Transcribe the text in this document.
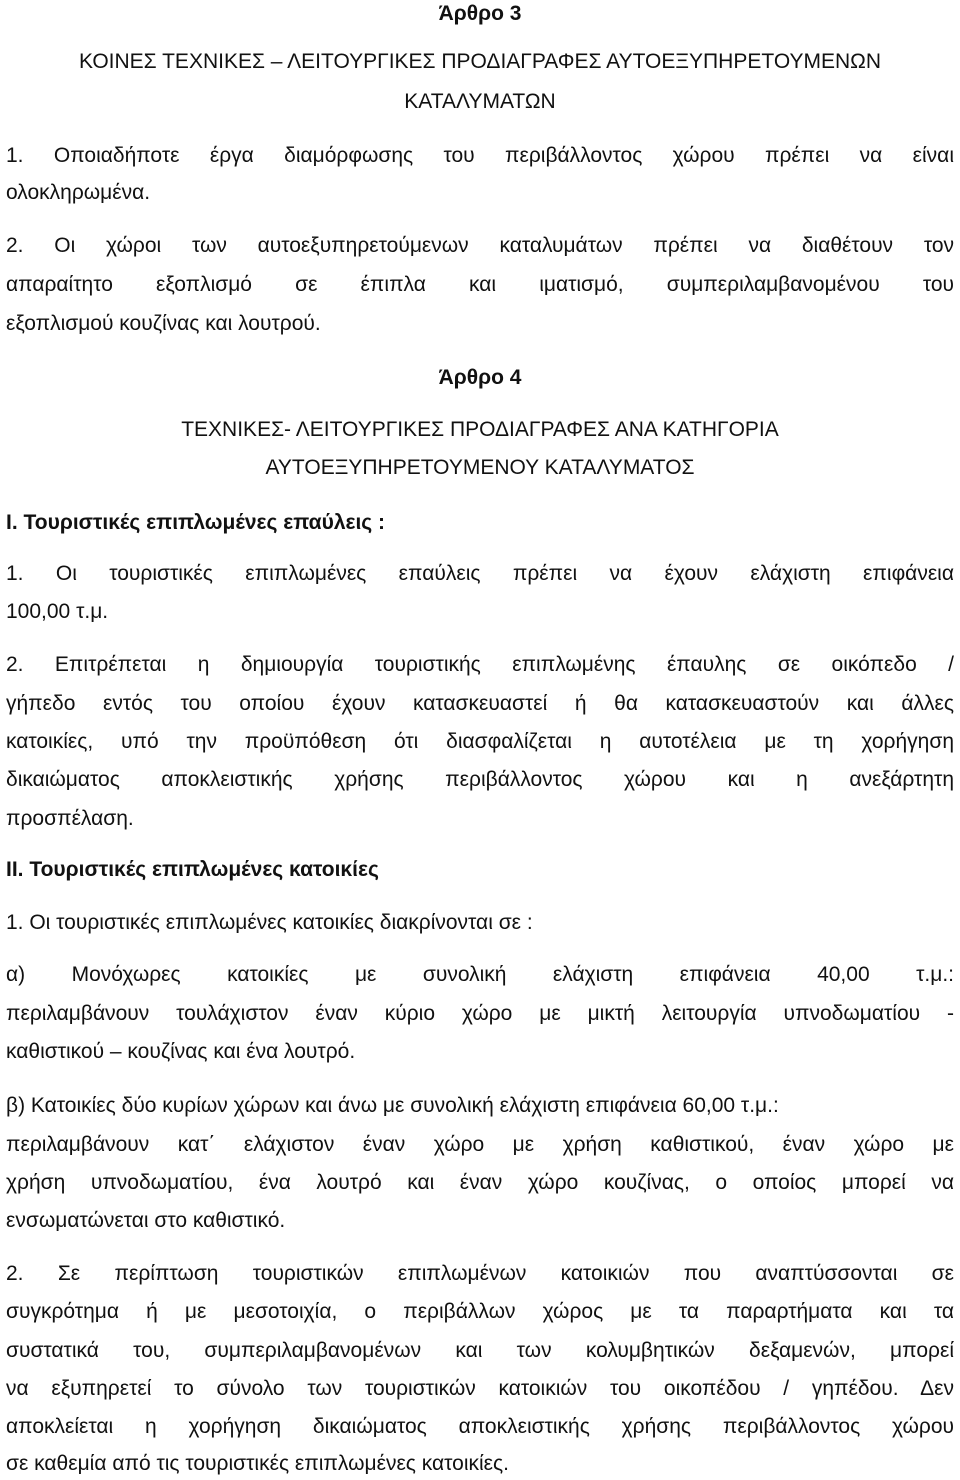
Άρθρο 3
ΚΟΙΝΕΣ ΤΕΧΝΙΚΕΣ – ΛΕΙΤΟΥΡΓΙΚΕΣ ΠΡΟΔΙΑΓΡΑΦΕΣ ΑΥΤΟΕΞΥΠΗΡΕΤΟΥΜΕΝΩΝ
ΚΑΤΑΛΥΜΑΤΩΝ
1. Οποιαδήποτε έργα διαμόρφωσης του περιβάλλοντος χώρου πρέπει να είναι
ολοκληρωμένα.
2. Οι χώροι των αυτοεξυπηρετούμενων καταλυμάτων πρέπει να διαθέτουν τον
απαραίτητο εξοπλισμό σε έπιπλα και ιματισμό, συμπεριλαμβανομένου του
εξοπλισμού κουζίνας και λουτρού.
Άρθρο 4
ΤΕΧΝΙΚΕΣ- ΛΕΙΤΟΥΡΓΙΚΕΣ ΠΡΟΔΙΑΓΡΑΦΕΣ ΑΝΑ ΚΑΤΗΓΟΡΙΑ
ΑΥΤΟΕΞΥΠΗΡΕΤΟΥΜΕΝΟΥ ΚΑΤΑΛΥΜΑΤΟΣ
Ι. Τουριστικές επιπλωμένες επαύλεις :
1. Οι τουριστικές επιπλωμένες επαύλεις πρέπει να έχουν ελάχιστη επιφάνεια
100,00 τ.μ.
2. Επιτρέπεται η δημιουργία τουριστικής επιπλωμένης έπαυλης σε οικόπεδο /
γήπεδο εντός του οποίου έχουν κατασκευαστεί ή θα κατασκευαστούν και άλλες
κατοικίες, υπό την προϋπόθεση ότι διασφαλίζεται η αυτοτέλεια με τη χορήγηση
δικαιώματος αποκλειστικής χρήσης περιβάλλοντος χώρου και η ανεξάρτητη
προσπέλαση.
ΙΙ. Τουριστικές επιπλωμένες κατοικίες
1. Οι τουριστικές επιπλωμένες κατοικίες διακρίνονται σε :
α) Μονόχωρες κατοικίες με συνολική ελάχιστη επιφάνεια 40,00 τ.μ.:
περιλαμβάνουν τουλάχιστον έναν κύριο χώρο με μικτή λειτουργία υπνοδωματίου -
καθιστικού – κουζίνας και ένα λουτρό.
β) Κατοικίες δύο κυρίων χώρων και άνω με συνολική ελάχιστη επιφάνεια 60,00 τ.μ.:
περιλαμβάνουν κατ΄ ελάχιστον έναν χώρο με χρήση καθιστικού, έναν χώρο με
χρήση υπνοδωματίου, ένα λουτρό και έναν χώρο κουζίνας, ο οποίος μπορεί να
ενσωματώνεται στο καθιστικό.
2. Σε περίπτωση τουριστικών επιπλωμένων κατοικιών που αναπτύσσονται σε
συγκρότημα ή με μεσοτοιχία, ο περιβάλλων χώρος με τα παραρτήματα και τα
συστατικά του, συμπεριλαμβανομένων και των κολυμβητικών δεξαμενών, μπορεί
να εξυπηρετεί το σύνολο των τουριστικών κατοικιών του οικοπέδου / γηπέδου. Δεν
αποκλείεται η χορήγηση δικαιώματος αποκλειστικής χρήσης περιβάλλοντος χώρου
σε καθεμία από τις τουριστικές επιπλωμένες κατοικίες.
